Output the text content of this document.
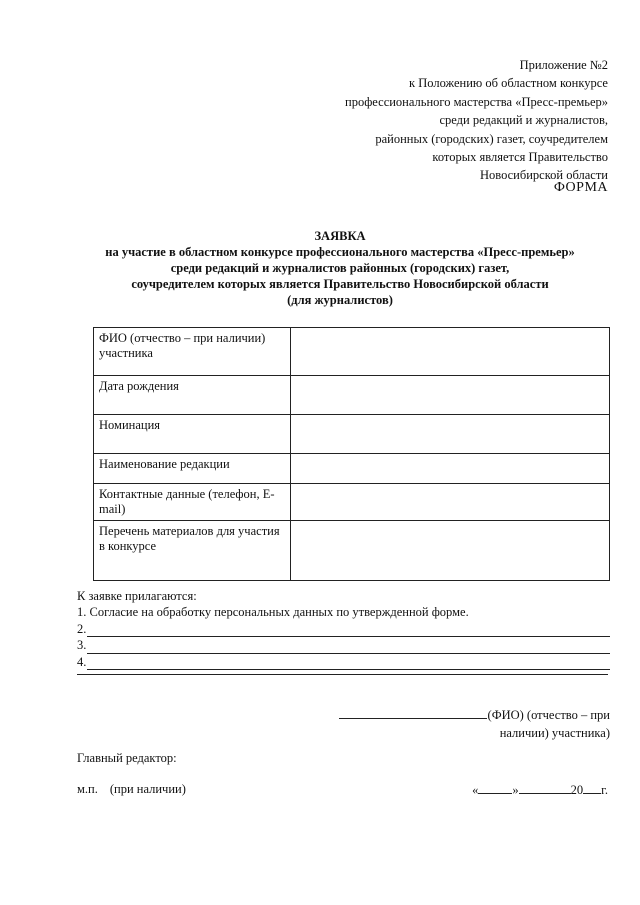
Приложение №2
к Положению об областном конкурсе
профессионального мастерства «Пресс-премьер»
среди редакций и журналистов,
районных (городских) газет, соучредителем
которых является Правительство
Новосибирской области
ФОРМА
ЗАЯВКА
на участие в областном конкурсе профессионального мастерства «Пресс-премьер»
среди редакций и журналистов районных (городских) газет,
соучредителем которых является Правительство Новосибирской области
(для журналистов)
ФИО (отчество – при наличии) участника	
Дата рождения	
Номинация	
Наименование редакции	
Контактные данные (телефон, E-mail)	
Перечень материалов для участия в конкурсе	
К заявке прилагаются:
1. Согласие на обработку персональных данных по утвержденной форме.
2.
3.
4.
(ФИО) (отчество – при
наличии) участника)
Главный редактор:
м.п. (при наличии)	«	»	20 г.
